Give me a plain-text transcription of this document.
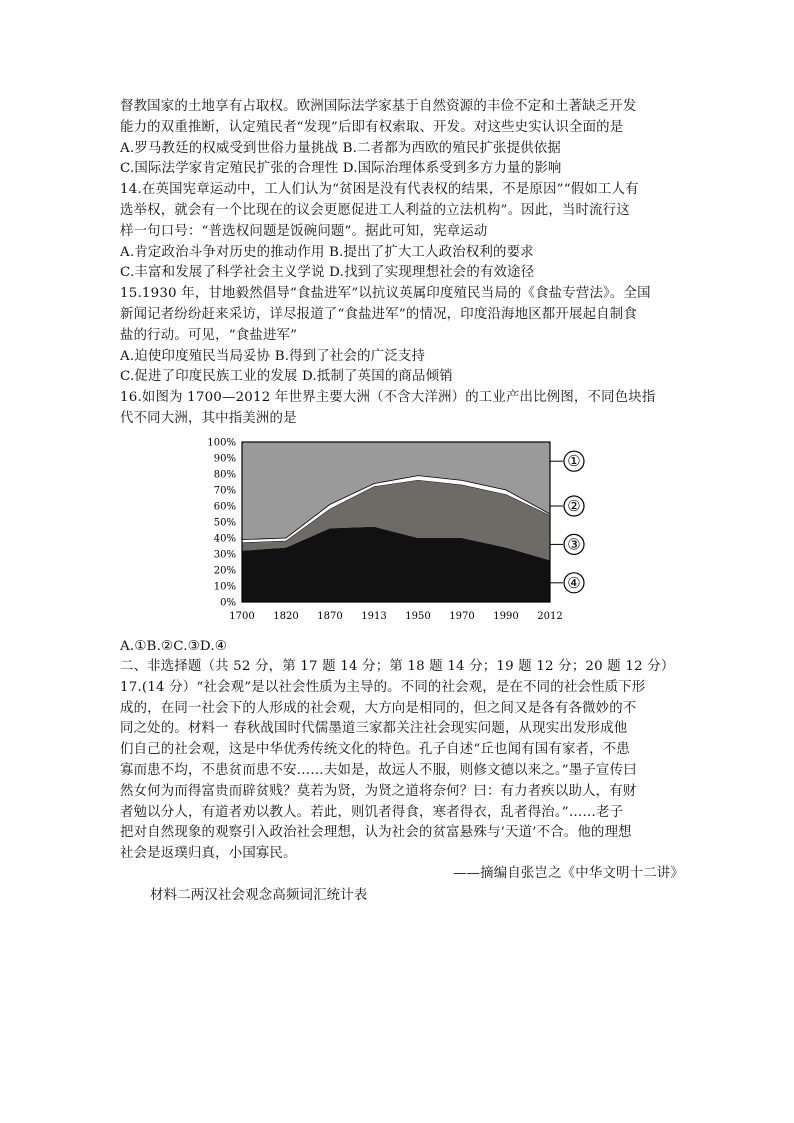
督教国家的土地享有占取权。欧洲国际法学家基于自然资源的丰俭不定和土著缺乏开发
能力的双重推断，认定殖民者“发现”后即有权索取、开发。对这些史实认识全面的是
A.罗马教廷的权威受到世俗力量挑战 B.二者都为西欧的殖民扩张提供依据
C.国际法学家肯定殖民扩张的合理性 D.国际治理体系受到多方力量的影响
14.在英国宪章运动中，工人们认为“贫困是没有代表权的结果，不是原因”“假如工人有
选举权，就会有一个比现在的议会更愿促进工人利益的立法机构”。因此，当时流行这
样一句口号：“普选权问题是饭碗问题”。据此可知，宪章运动
A.肯定政治斗争对历史的推动作用 B.提出了扩大工人政治权利的要求
C.丰富和发展了科学社会主义学说 D.找到了实现理想社会的有效途径
15.1930 年，甘地毅然倡导“食盐进军”以抗议英属印度殖民当局的《食盐专营法》。全国
新闻记者纷纷赶来采访，详尽报道了“食盐进军”的情况，印度沿海地区都开展起自制食
盐的行动。可见，“食盐进军”
A.迫使印度殖民当局妥协 B.得到了社会的广泛支持
C.促进了印度民族工业的发展 D.抵制了英国的商品倾销
16.如图为 1700—2012 年世界主要大洲（不含大洋洲）的工业产出比例图，不同色块指
代不同大洲，其中指美洲的是
0%
10%
20%
30%
40%
50%
60%
70%
80%
90%
100%
①
②
③
④
1700 1820 1870 1913 1950 1970 1990 2012
A.①B.②C.③D.④
二、非选择题（共 52 分，第 17 题 14 分；第 18 题 14 分；19 题 12 分；20 题 12 分）
17.(14 分）“社会观”是以社会性质为主导的。不同的社会观，是在不同的社会性质下形
成的，在同一社会下的人形成的社会观，大方向是相同的，但之间又是各有各微妙的不
同之处的。材料一 春秋战国时代儒墨道三家都关注社会现实问题，从现实出发形成他
们自己的社会观，这是中华优秀传统文化的特色。孔子自述“丘也闻有国有家者，不患
寡而患不均，不患贫而患不安……夫如是，故远人不服，则修文德以来之。”墨子宣传曰
然女何为而得富贵而辟贫贱？莫若为贤，为贤之道将奈何？曰：有力者疾以助人，有财
者勉以分人，有道者劝以教人。若此，则饥者得食，寒者得衣，乱者得治。”……老子
把对自然现象的观察引入政治社会理想，认为社会的贫富悬殊与‘天道’不合。他的理想
社会是返璞归真，小国寡民。
——摘编自张岂之《中华文明十二讲》
材料二两汉社会观念高频词汇统计表
